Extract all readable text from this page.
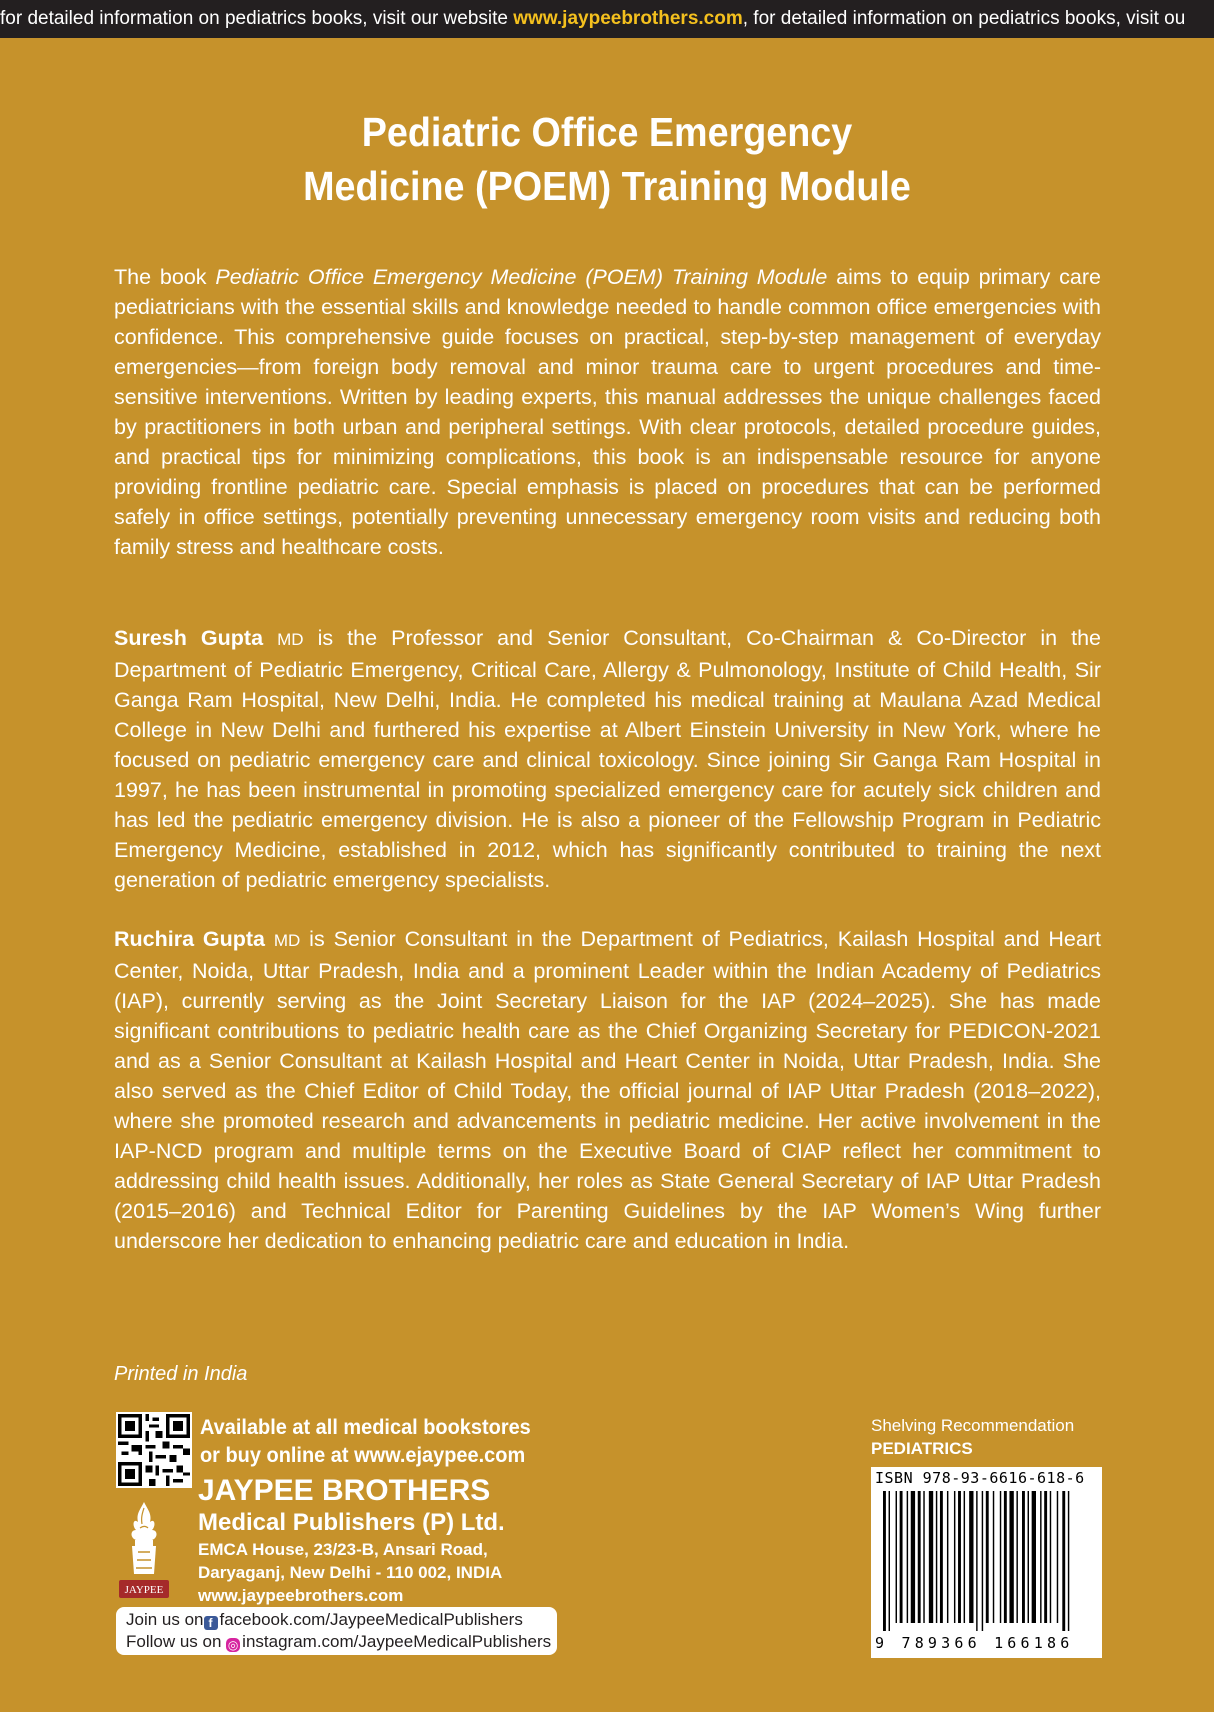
for detailed information on pediatrics books, visit our website www.jaypeebrothers.com, for detailed information on pediatrics books, visit ou
Pediatric Office Emergency
Medicine (POEM) Training Module
The book Pediatric Office Emergency Medicine (POEM) Training Module aims to equip primary care pediatricians with the essential skills and knowledge needed to handle common office emergencies with confidence. This comprehensive guide focuses on practical, step-by-step management of everyday emergencies—from foreign body removal and minor trauma care to urgent procedures and time-sensitive interventions. Written by leading experts, this manual addresses the unique challenges faced by practitioners in both urban and peripheral settings. With clear protocols, detailed procedure guides, and practical tips for minimizing complications, this book is an indispensable resource for anyone providing frontline pediatric care. Special emphasis is placed on procedures that can be performed safely in office settings, potentially preventing unnecessary emergency room visits and reducing both family stress and healthcare costs.
Suresh Gupta MD is the Professor and Senior Consultant, Co-Chairman & Co-Director in the Department of Pediatric Emergency, Critical Care, Allergy & Pulmonology, Institute of Child Health, Sir Ganga Ram Hospital, New Delhi, India. He completed his medical training at Maulana Azad Medical College in New Delhi and furthered his expertise at Albert Einstein University in New York, where he focused on pediatric emergency care and clinical toxicology. Since joining Sir Ganga Ram Hospital in 1997, he has been instrumental in promoting specialized emergency care for acutely sick children and has led the pediatric emergency division. He is also a pioneer of the Fellowship Program in Pediatric Emergency Medicine, established in 2012, which has significantly contributed to training the next generation of pediatric emergency specialists.
Ruchira Gupta MD is Senior Consultant in the Department of Pediatrics, Kailash Hospital and Heart Center, Noida, Uttar Pradesh, India and a prominent Leader within the Indian Academy of Pediatrics (IAP), currently serving as the Joint Secretary Liaison for the IAP (2024–2025). She has made significant contributions to pediatric health care as the Chief Organizing Secretary for PEDICON-2021 and as a Senior Consultant at Kailash Hospital and Heart Center in Noida, Uttar Pradesh, India. She also served as the Chief Editor of Child Today, the official journal of IAP Uttar Pradesh (2018–2022), where she promoted research and advancements in pediatric medicine. Her active involvement in the IAP-NCD program and multiple terms on the Executive Board of CIAP reflect her commitment to addressing child health issues. Additionally, her roles as State General Secretary of IAP Uttar Pradesh (2015–2016) and Technical Editor for Parenting Guidelines by the IAP Women’s Wing further underscore her dedication to enhancing pediatric care and education in India.
Printed in India
Available at all medical bookstores
or buy online at www.ejaypee.com
JAYPEE
JAYPEE BROTHERS
Medical Publishers (P) Ltd.
EMCA House, 23/23-B, Ansari Road,
Daryaganj, New Delhi - 110 002, INDIA
www.jaypeebrothers.com
Join us on f facebook.com/JaypeeMedicalPublishers
Follow us on ◎ instagram.com/JaypeeMedicalPublishers
Shelving Recommendation
PEDIATRICS
ISBN 978-93-6616-618-6
9 789366 166186
